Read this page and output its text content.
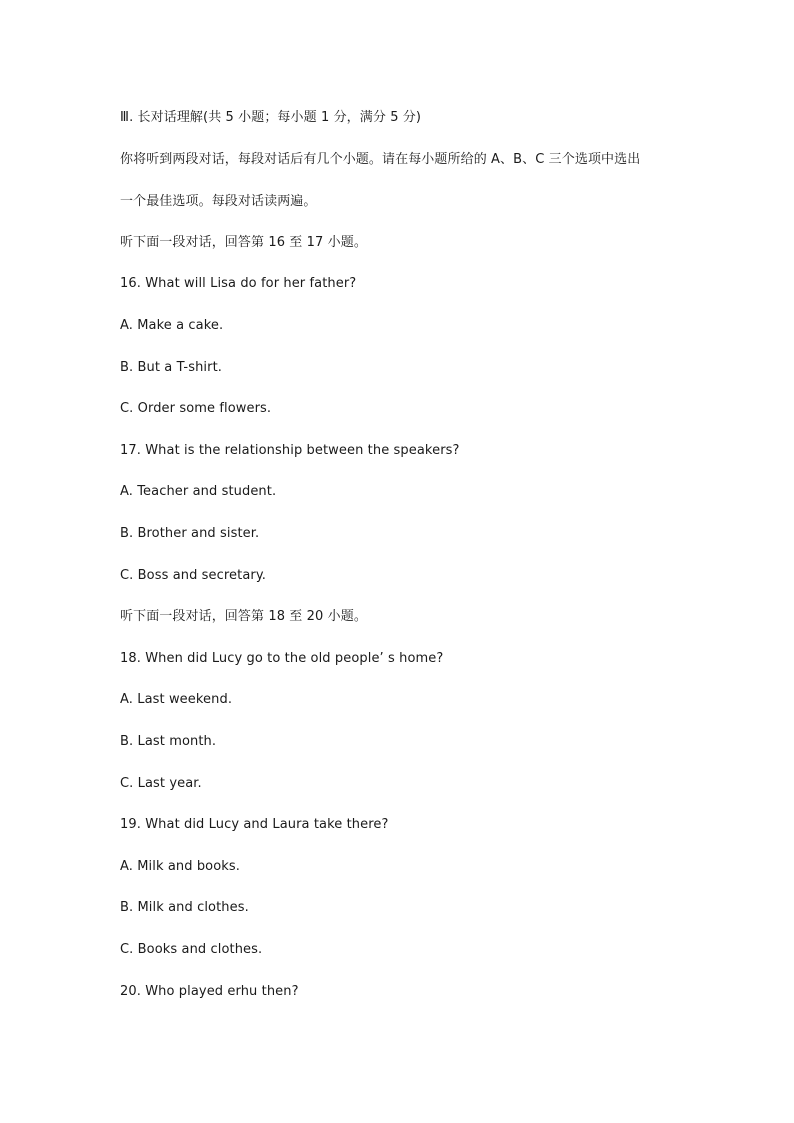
Ⅲ. 长对话理解(共 5 小题；每小题 1 分，满分 5 分)
你将听到两段对话，每段对话后有几个小题。请在每小题所给的 A、B、C 三个选项中选出
一个最佳选项。每段对话读两遍。
听下面一段对话，回答第 16 至 17 小题。
16. What will Lisa do for her father?
A. Make a cake.
B. But a T-shirt.
C. Order some flowers.
17. What is the relationship between the speakers?
A. Teacher and student.
B. Brother and sister.
C. Boss and secretary.
听下面一段对话，回答第 18 至 20 小题。
18. When did Lucy go to the old people’ s home?
A. Last weekend.
B. Last month.
C. Last year.
19. What did Lucy and Laura take there?
A. Milk and books.
B. Milk and clothes.
C. Books and clothes.
20. Who played erhu then?
